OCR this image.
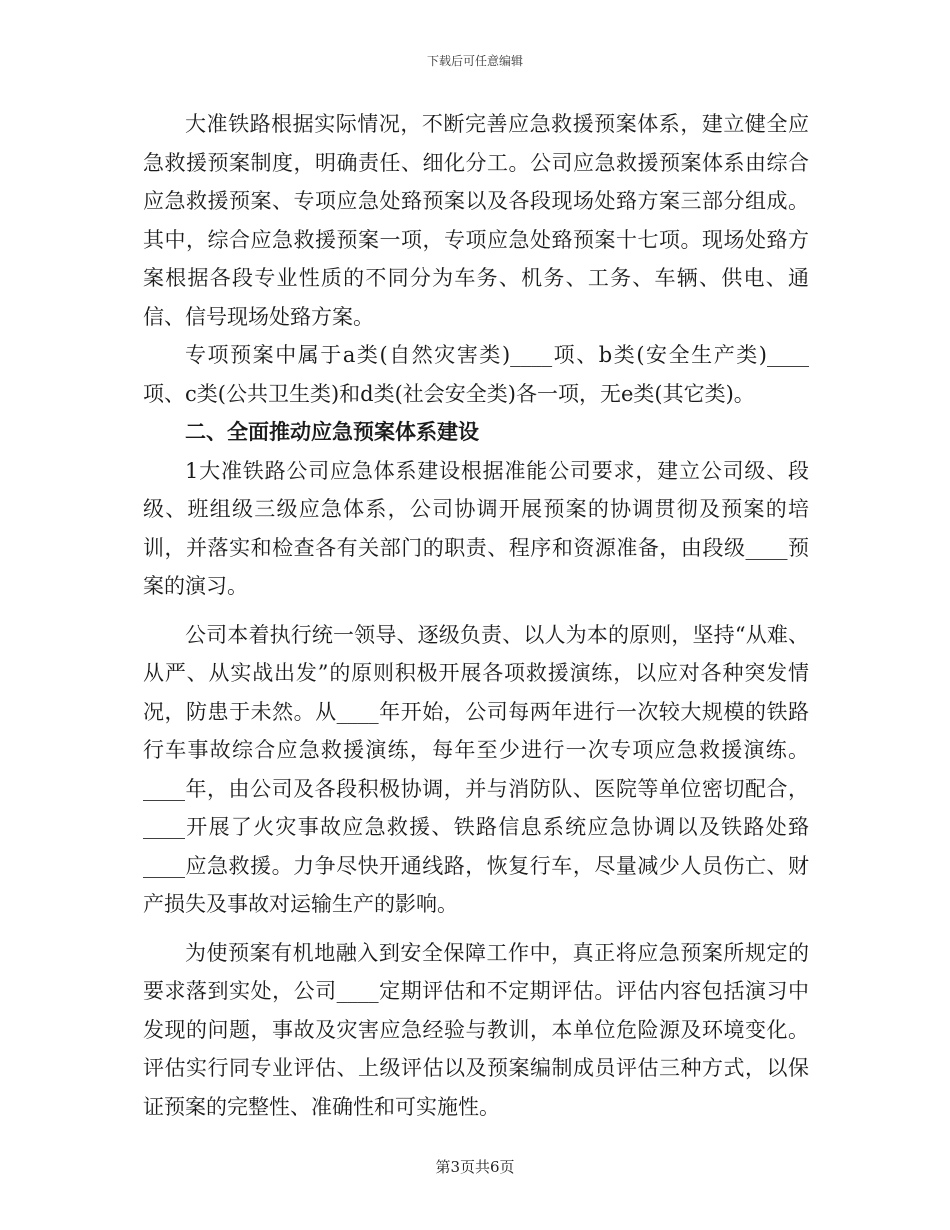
下载后可任意编辑

大准铁路根据实际情况，不断完善应急救援预案体系，建立健全应急救援预案制度，明确责任、细化分工。公司应急救援预案体系由综合应急救援预案、专项应急处臵预案以及各段现场处臵方案三部分组成。其中，综合应急救援预案一项，专项应急处臵预案十七项。现场处臵方案根据各段专业性质的不同分为车务、机务、工务、车辆、供电、通信、信号现场处臵方案。

专项预案中属于a类(自然灾害类)____项、b类(安全生产类)____项、c类(公共卫生类)和d类(社会安全类)各一项，无e类(其它类)。

二、全面推动应急预案体系建设

1大准铁路公司应急体系建设根据准能公司要求，建立公司级、段级、班组级三级应急体系，公司协调开展预案的协调贯彻及预案的培训，并落实和检查各有关部门的职责、程序和资源准备，由段级____预案的演习。

公司本着执行统一领导、逐级负责、以人为本的原则，坚持“从难、从严、从实战出发”的原则积极开展各项救援演练，以应对各种突发情况，防患于未然。从____年开始，公司每两年进行一次较大规模的铁路行车事故综合应急救援演练，每年至少进行一次专项应急救援演练。____年，由公司及各段积极协调，并与消防队、医院等单位密切配合，____开展了火灾事故应急救援、铁路信息系统应急协调以及铁路处臵____应急救援。力争尽快开通线路，恢复行车，尽量减少人员伤亡、财产损失及事故对运输生产的影响。

为使预案有机地融入到安全保障工作中，真正将应急预案所规定的要求落到实处，公司____定期评估和不定期评估。评估内容包括演习中发现的问题，事故及灾害应急经验与教训，本单位危险源及环境变化。评估实行同专业评估、上级评估以及预案编制成员评估三种方式，以保证预案的完整性、准确性和可实施性。

第3页共6页
